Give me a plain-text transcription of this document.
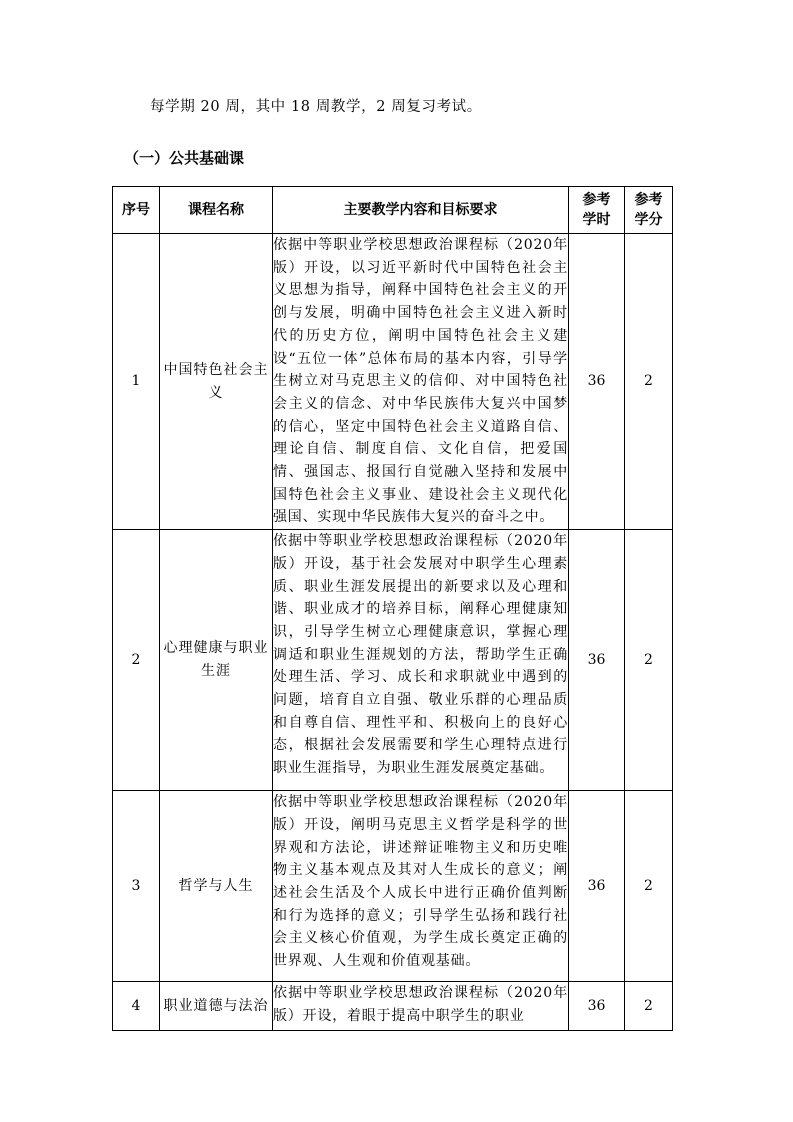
每学期 20 周，其中 18 周教学，2 周复习考试。
（一）公共基础课
序号	课程名称	主要教学内容和目标要求	参考学时	参考学分

1	中国特色社会主义	依据中等职业学校思想政治课程标（2020年版）开设，以习近平新时代中国特色社会主义思想为指导，阐释中国特色社会主义的开创与发展，明确中国特色社会主义进入新时代的历史方位，阐明中国特色社会主义建设“五位一体”总体布局的基本内容，引导学生树立对马克思主义的信仰、对中国特色社会主义的信念、对中华民族伟大复兴中国梦的信心，坚定中国特色社会主义道路自信、理论自信、制度自信、文化自信，把爱国情、强国志、报国行自觉融入坚持和发展中国特色社会主义事业、建设社会主义现代化强国、实现中华民族伟大复兴的奋斗之中。	36	2
2	心理健康与职业生涯	依据中等职业学校思想政治课程标（2020年版）开设，基于社会发展对中职学生心理素质、职业生涯发展提出的新要求以及心理和谐、职业成才的培养目标，阐释心理健康知识，引导学生树立心理健康意识，掌握心理调适和职业生涯规划的方法，帮助学生正确处理生活、学习、成长和求职就业中遇到的问题，培育自立自强、敬业乐群的心理品质和自尊自信、理性平和、积极向上的良好心态，根据社会发展需要和学生心理特点进行职业生涯指导，为职业生涯发展奠定基础。	36	2
3	哲学与人生	依据中等职业学校思想政治课程标（2020年版）开设，阐明马克思主义哲学是科学的世界观和方法论，讲述辩证唯物主义和历史唯物主义基本观点及其对人生成长的意义；阐述社会生活及个人成长中进行正确价值判断和行为选择的意义；引导学生弘扬和践行社会主义核心价值观，为学生成长奠定正确的世界观、人生观和价值观基础。	36	2
4	职业道德与法治	依据中等职业学校思想政治课程标（2020年版）开设，着眼于提高中职学生的职业	36	2
